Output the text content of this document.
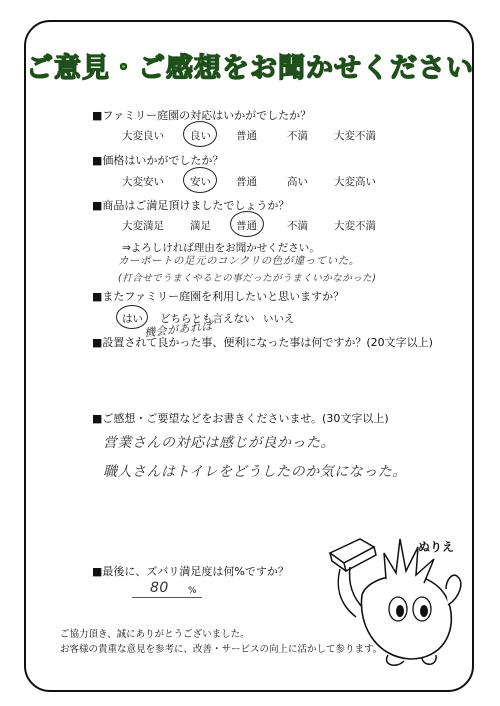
ご意見・ご感想をお聞かせください
■ファミリー庭園の対応はいかがでしたか？
大変良い 良い 普通	不満 大変不満
■価格はいかがでしたか？
大変安い 安い 普通	高い 大変高い
■商品はご満足頂けましたでしょうか？
大変満足 満足 普通	不満 大変不満
⇒よろしければ理由をお聞かせください。
カーポートの足元のコンクリの色が違っていた。
(打合せでうまくやるとの事だったがうまくいかなかった)
■またファミリー庭園を利用したいと思いますか？
はい どちらとも言えない いいえ
機会があれば
■設置されて良かった事、便利になった事は何ですか？(20文字以上)
■ご感想・ご要望などをお書きくださいませ。(30文字以上)
営業さんの対応は感じが良かった。
職人さんはトイレをどうしたのか気になった。
■最後に、ズバリ満足度は何%ですか？
80 %
ご協力頂き、誠にありがとうございました。
お客様の貴重な意見を参考に、改善・サービスの向上に活かして参ります。
ぬりえ
